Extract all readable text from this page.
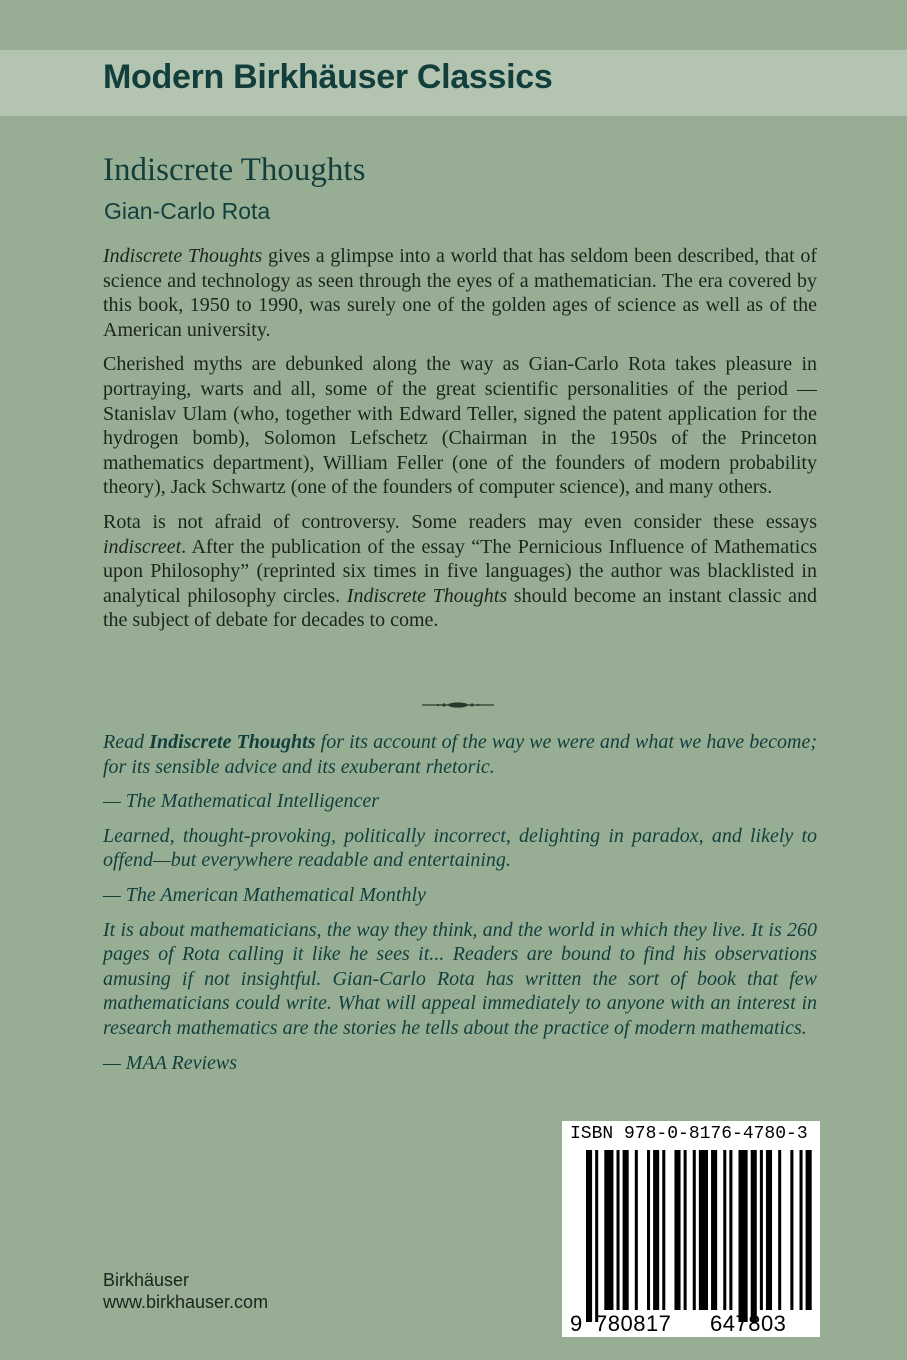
Modern Birkhäuser Classics
Indiscrete Thoughts
Gian-Carlo Rota

Indiscrete Thoughts gives a glimpse into a world that has seldom been described, that of science and technology as seen through the eyes of a mathematician. The era covered by this book, 1950 to 1990, was surely one of the golden ages of science as well as of the American university.

Cherished myths are debunked along the way as Gian-Carlo Rota takes pleasure in portraying, warts and all, some of the great scientific personalities of the period —Stanislav Ulam (who, together with Edward Teller, signed the patent application for the hydrogen bomb), Solomon Lefschetz (Chairman in the 1950s of the Princeton mathematics department), William Feller (one of the founders of modern probability theory), Jack Schwartz (one of the founders of computer science), and many others.

Rota is not afraid of controversy. Some readers may even consider these essays indiscreet. After the publication of the essay “The Pernicious Influence of Mathematics upon Philosophy” (reprinted six times in five languages) the author was blacklisted in analytical philosophy circles. Indiscrete Thoughts should become an instant classic and the subject of debate for decades to come.

Read Indiscrete Thoughts for its account of the way we were and what we have become; for its sensible advice and its exuberant rhetoric.

— The Mathematical Intelligencer

Learned, thought-provoking, politically incorrect, delighting in paradox, and likely to offend—but everywhere readable and entertaining.

— The American Mathematical Monthly

It is about mathematicians, the way they think, and the world in which they live. It is 260 pages of Rota calling it like he sees it... Readers are bound to find his observations amusing if not insightful. Gian-Carlo Rota has written the sort of book that few mathematicians could write. What will appeal immediately to anyone with an interest in research mathematics are the stories he tells about the practice of modern mathematics.

— MAA Reviews

ISBN 978-0-8176-4780-3
9 780817 647803
Birkhäuser
www.birkhauser.com
